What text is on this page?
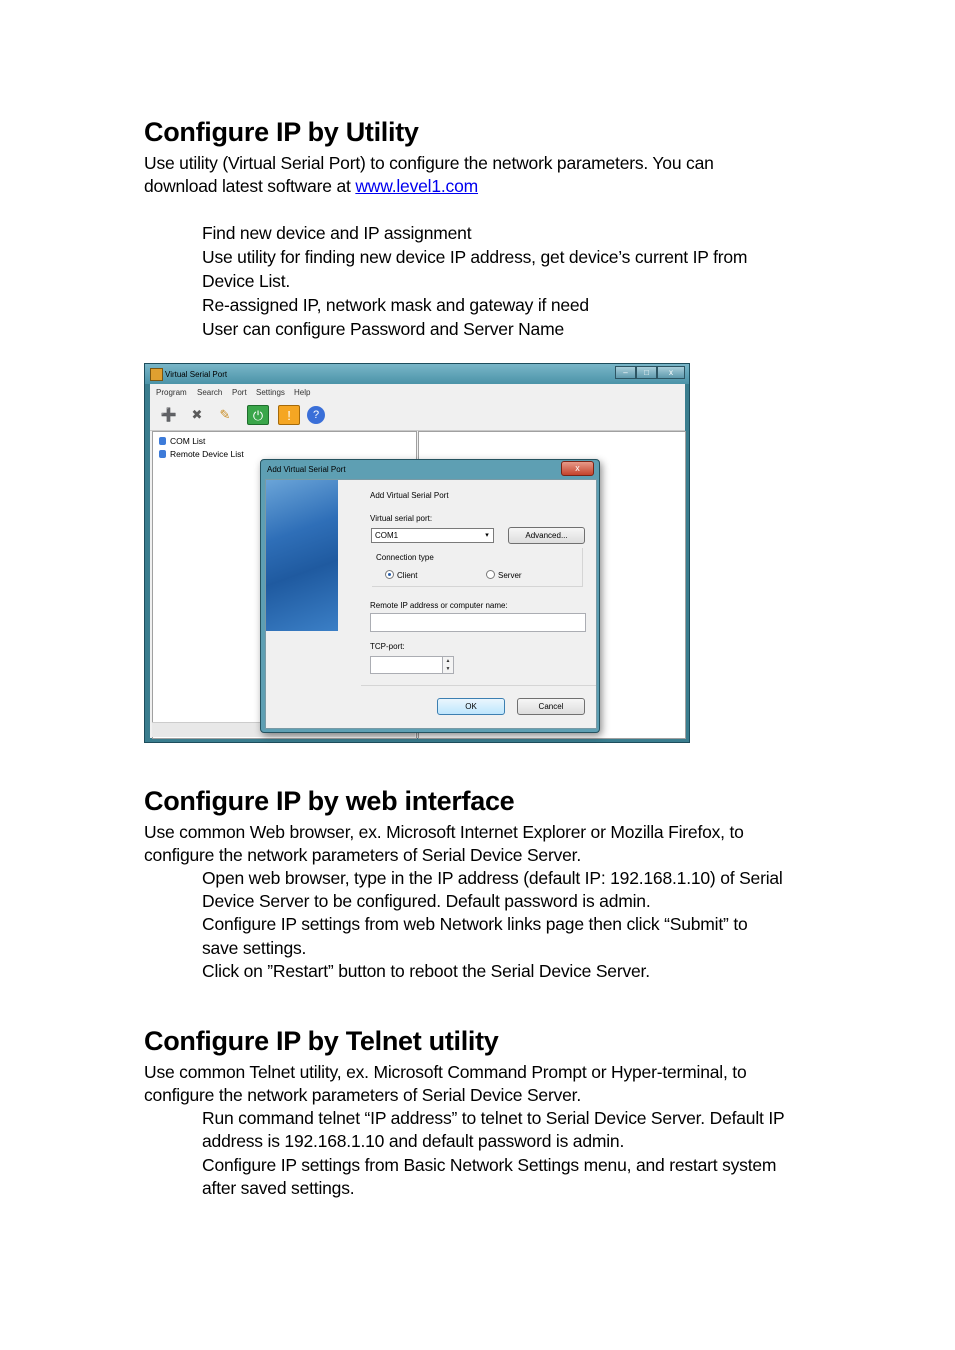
Configure IP by Utility
Use utility (Virtual Serial Port) to configure the network parameters. You can
download latest software at www.level1.com
Find new device and IP assignment
Use utility for finding new device IP address, get device’s current IP from
Device List.
Re-assigned IP, network mask and gateway if need
User can configure Password and Server Name
Virtual Serial Port	–	□	x
Program Search Port Settings Help
➕	✖	✎	⏻	!	?
COM List
Remote Device List
Add Virtual Serial Port	x
Add Virtual Serial Port
Virtual serial port:
COM1	▾	Advanced...
Connection type
Client	Server
Remote IP address or computer name:
TCP-port:
▲
▼
OK	Cancel
Configure IP by web interface
Use common Web browser, ex. Microsoft Internet Explorer or Mozilla Firefox, to
configure the network parameters of Serial Device Server.
Open web browser, type in the IP address (default IP: 192.168.1.10) of Serial
Device Server to be configured. Default password is admin.
Configure IP settings from web Network links page then click “Submit” to
save settings.
Click on ”Restart” button to reboot the Serial Device Server.
Configure IP by Telnet utility
Use common Telnet utility, ex. Microsoft Command Prompt or Hyper-terminal, to
configure the network parameters of Serial Device Server.
Run command telnet “IP address” to telnet to Serial Device Server. Default IP
address is 192.168.1.10 and default password is admin.
Configure IP settings from Basic Network Settings menu, and restart system
after saved settings.
